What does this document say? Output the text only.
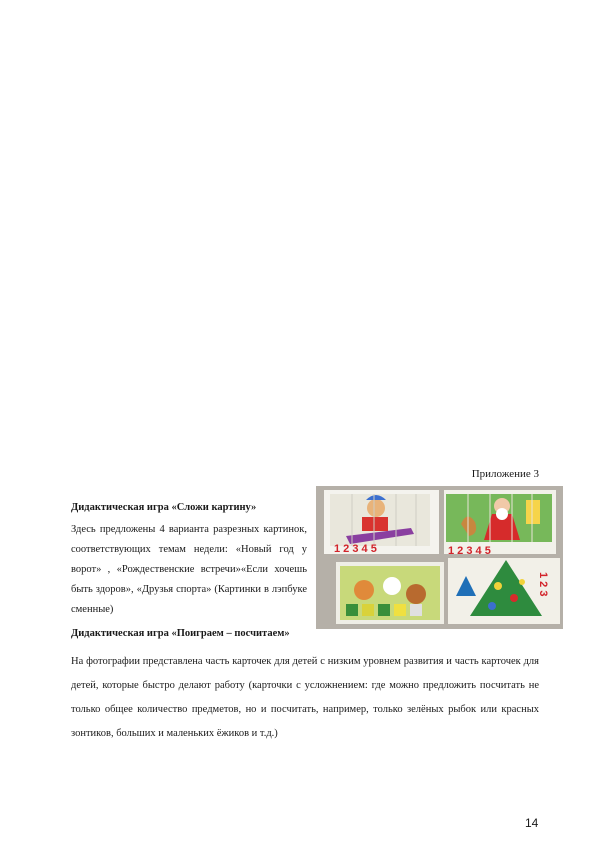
Приложение 3
Дидактическая игра «Сложи картину»
Здесь предложены 4 варианта разрезных картинок, соответствующих темам недели: «Новый год у ворот» , «Рождественские встречи»«Если хочешь быть здоров», «Друзья спорта» (Картинки в лэпбуке сменные)
1 2 3 4 5	1 2 3 4 5
1 2 3
Дидактическая игра «Поиграем – посчитаем»
На фотографии представлена часть карточек для детей с низким уровнем развития и часть карточек для детей, которые быстро делают работу (карточки с усложнением: где можно предложить посчитать не только общее количество предметов, но и посчитать, например, только зелёных рыбок или красных зонтиков, больших и маленьких ёжиков и т.д.)
14
